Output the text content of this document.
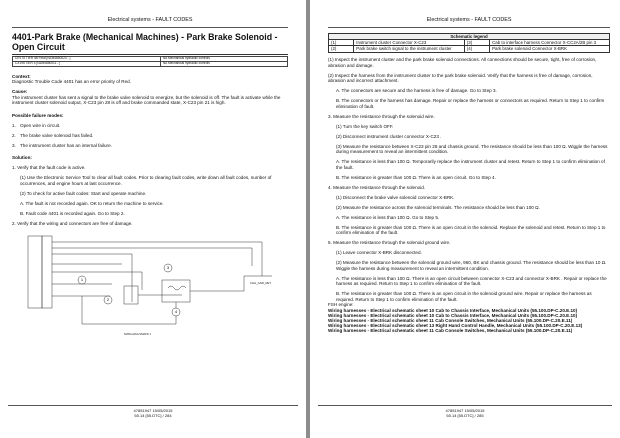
Electrical systems - FAULT CODES
4401-Park Brake (Mechanical Machines) - Park Brake Solenoid - Open Circuit
CR175 TIER 4B Final [NZM4850023 - ]	NA Mechanical hydraulic controls
CX195 TIER 4 [NZM4850011 - ]	NA Mechanical hydraulic controls

Context:

Diagnostic Trouble Code 4401 has an error priority of Red.

Cause:

The instrument cluster has sent a signal to the brake valve solenoid to energize, but the solenoid is off. The fault is activate while the instrument cluster solenoid output, X-C23 pin 28 is off and brake commanded state, X-C23 pin 21 is high.

Possible failure modes:

1. Open wire in circuit.
2. The brake valve solenoid has failed.
3. The instrument cluster has an internal failure.

Solution:

1. Verify that the fault code is active.

(1) Use the Electronic Service Tool to clear all fault codes. Prior to clearing fault codes, write down all fault codes, number of occurrences, and engine hours at last occurrence.

(2) To check for active fault codes: Start and operate machine.

A. The fault is not recorded again. OK to return the machine to service.

B. Fault code 4401 is recorded again. Go to Step 2.

2. Verify that the wiring and connectors are free of damage.

1
2
3
4
CHG_GND_RET
NWFH12GLSMAF8 1
47851947 15/05/2015
55.14 [55.DTC] / 284
Electrical systems - FAULT CODES
Schematic legend			
(1)	Instrument cluster Connector X-C23	(3)	Cab to interface harness Connector X-CC2A/2B pin 3
(2)	Park brake switch signal to the instrument cluster	(4)	Park brake solenoid Connector X-BRK

(1) Inspect the instrument cluster and the park brake solenoid connections. All connections should be secure, tight, free of corrosion, abrasion and damage.

(2) Inspect the harness from the instrument cluster to the park brake solenoid. Verify that the harness is free of damage, corrosion, abrasion and incorrect attachment.

A. The connectors are secure and the harness is free of damage. Go to Step 3.

B. The connectors or the harness has damage. Repair or replace the harness or connectors as required. Return to Step 1 to confirm elimination of fault.

3. Measure the resistance through the solenoid wire.

(1) Turn the key switch OFF.

(2) Disconnect instrument cluster connector X-C23 .

(3) Measure the resistance between X-C23 pin 28 and chassis ground. The resistance should be less than 100 Ω. Wiggle the harness during measurement to reveal an intermittent condition.

A. The resistance is less than 100 Ω. Temporarily replace the instrument cluster and retest. Return to Step 1 to confirm elimination of the fault.

B. The resistance is greater than 100 Ω. There is an open circuit. Go to Step 4.

4. Measure the resistance through the solenoid.

(1) Disconnect the brake valve solenoid connector X-BRK.

(2) Measure the resistance across the solenoid terminals. The resistance should be less than 100 Ω.

A. The resistance is less than 100 Ω. Go to Step 5.

B. The resistance is greater than 100 Ω. There is an open circuit in the solenoid. Replace the solenoid and retest. Return to Step 1 to confirm elimination of the fault.

5. Measure the resistance through the solenoid ground wire.

(1) Leave connector X-BRK disconnected.

(2) Measure the resistance between the solenoid ground wire, 960, BK and chassis ground. The resistance should be less than 10 Ω. Wiggle the harness during measurement to reveal an intermittent condition.

A. The resistance is less than 100 Ω. There is an open circuit between connector X-C23 and connector X-BRK . Repair or replace the harness as required. Return to Step 1 to confirm elimination of the fault.

B. The resistance is greater than 100 Ω. There is an open circuit in the solenoid ground wire. Repair or replace the harness as required. Return to Step 1 to confirm elimination of the fault.

FSH engine:

Wiring harnesses - Electrical schematic sheet 10 Cab to Chassis Interface, Mechanical Units (55.100.DP-C.20.E.10)

Wiring harnesses - Electrical schematic sheet 10 Cab to Chassis Interface, Mechanical Units (55.100.DP-C.20.E.10)

Wiring harnesses - Electrical schematic sheet 11 Cab Console Switches, Mechanical Units (55.100.DP-C.20.E.11)

Wiring harnesses - Electrical schematic sheet 13 Right Hand Control Handle, Mechanical Units (55.100.DP-C.20.E.13)

Wiring harnesses - Electrical schematic sheet 11 Cab Console Switches, Mechanical Units (55.100.DP-C.20.E.11)

47851947 15/05/2015
55.14 [55.DTC] / 285
